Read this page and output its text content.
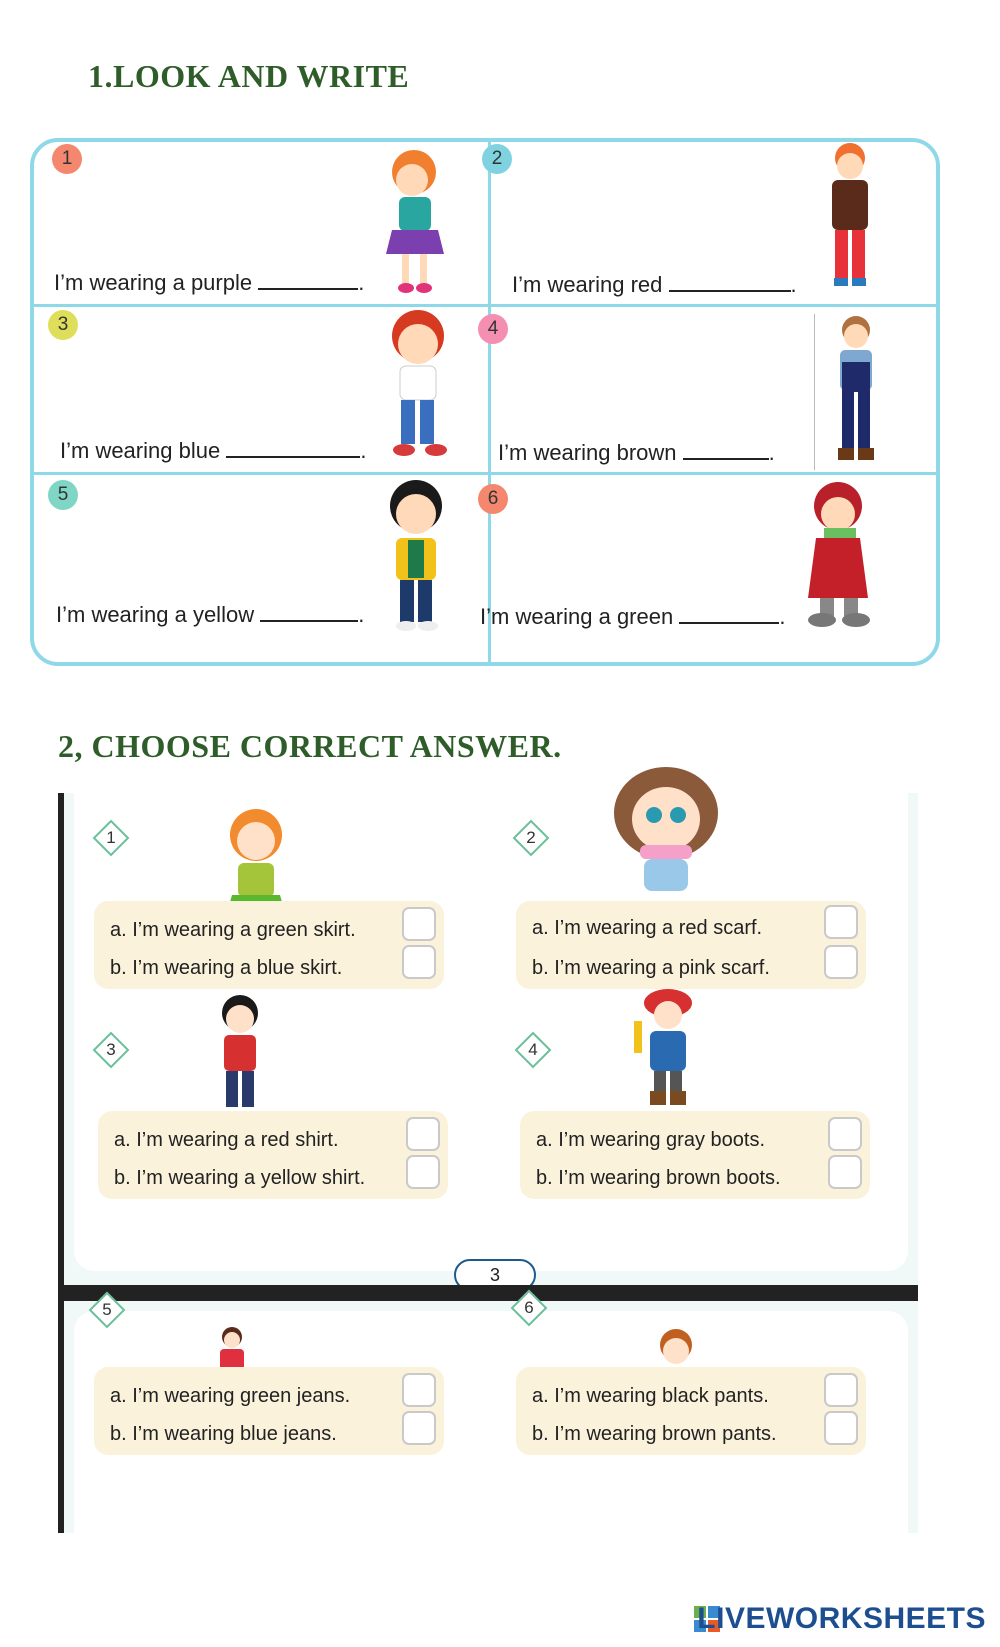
1.LOOK AND WRITE
1
I’m wearing a purple	.
2
I’m wearing red	.
3
I’m wearing blue	.
4
I’m wearing brown	.
5
I’m wearing a yellow	.
6
I’m wearing a green	.
2, CHOOSE CORRECT ANSWER.
3
1
a. I’m wearing a green skirt.
b. I’m wearing a blue skirt.
2
a. I’m wearing a red scarf.
b. I’m wearing a pink scarf.
3
a. I’m wearing a red shirt.
b. I’m wearing a yellow shirt.
4
a. I’m wearing gray boots.
b. I’m wearing brown boots.
5
a. I’m wearing green jeans.
b. I’m wearing blue jeans.
6
a. I’m wearing black pants.
b. I’m wearing brown pants.
LIVEWORKSHEETS
